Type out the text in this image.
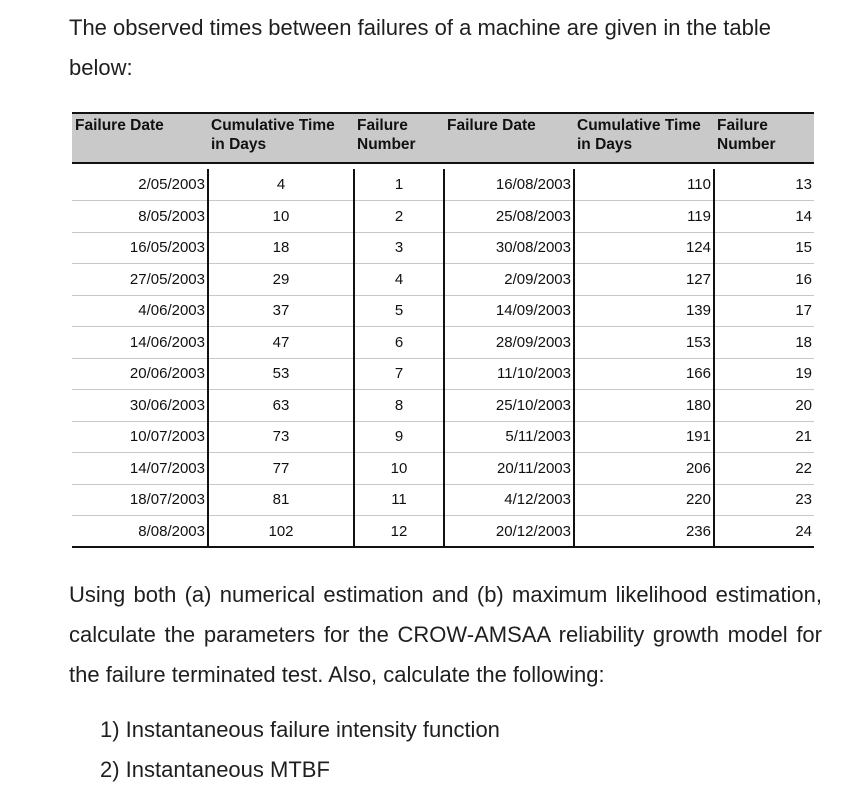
The observed times between failures of a machine are given in the table below:

Failure Date	Cumulative Time in Days	Failure Number	Failure Date	Cumulative Time in Days	Failure Number

2/05/2003	4	1	16/08/2003	110	13
8/05/2003	10	2	25/08/2003	119	14
16/05/2003	18	3	30/08/2003	124	15
27/05/2003	29	4	2/09/2003	127	16
4/06/2003	37	5	14/09/2003	139	17
14/06/2003	47	6	28/09/2003	153	18
20/06/2003	53	7	11/10/2003	166	19
30/06/2003	63	8	25/10/2003	180	20
10/07/2003	73	9	5/11/2003	191	21
14/07/2003	77	10	20/11/2003	206	22
18/07/2003	81	11	4/12/2003	220	23
8/08/2003	102	12	20/12/2003	236	24

Using both (a) numerical estimation and (b) maximum likelihood estimation, calculate the parameters for the CROW-AMSAA reliability growth model for the failure terminated test. Also, calculate the following:

1) Instantaneous failure intensity function
2) Instantaneous MTBF
